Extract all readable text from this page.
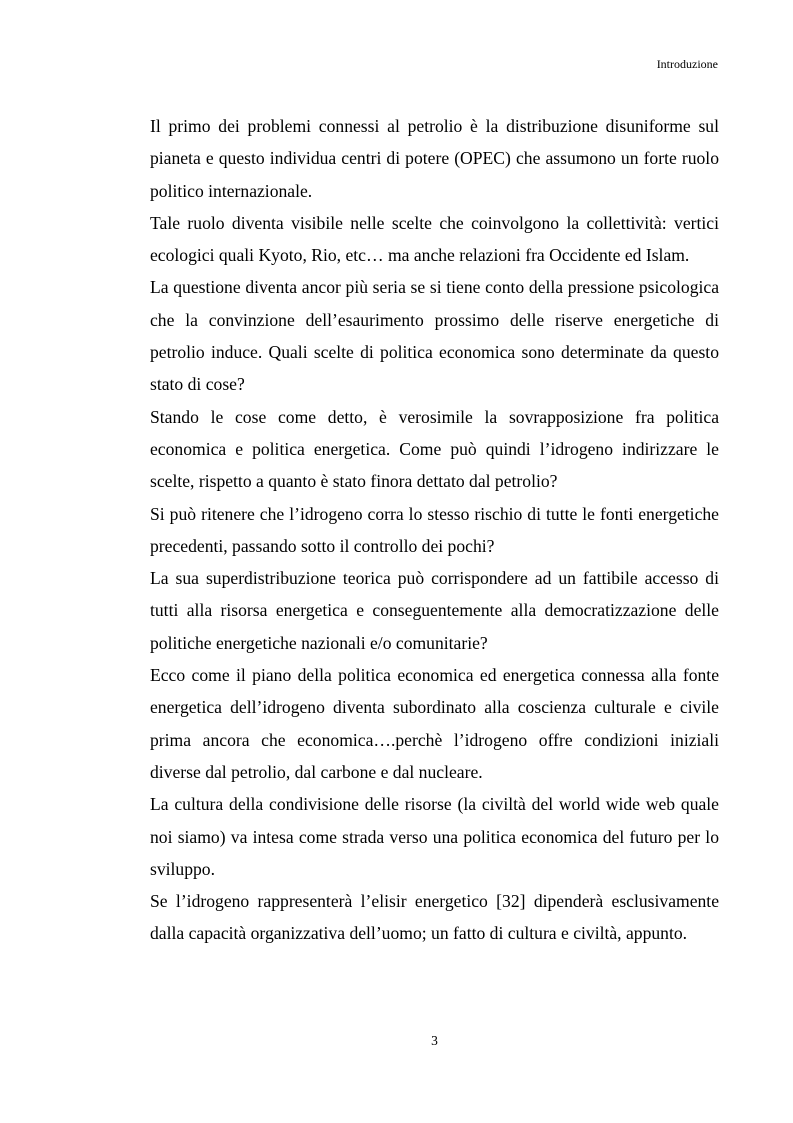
Introduzione

Il primo dei problemi connessi al petrolio è la distribuzione disuniforme sul pianeta e questo individua centri di potere (OPEC) che assumono un forte ruolo politico internazionale.

Tale ruolo diventa visibile nelle scelte che coinvolgono la collettività: vertici ecologici quali Kyoto, Rio, etc… ma anche relazioni fra Occidente ed Islam.

La questione diventa ancor più seria se si tiene conto della pressione psicologica che la convinzione dell’esaurimento prossimo delle riserve energetiche di petrolio induce. Quali scelte di politica economica sono determinate da questo stato di cose?

Stando le cose come detto, è verosimile la sovrapposizione fra politica economica e politica energetica. Come può quindi l’idrogeno indirizzare le scelte, rispetto a quanto è stato finora dettato dal petrolio?

Si può ritenere che l’idrogeno corra lo stesso rischio di tutte le fonti energetiche precedenti, passando sotto il controllo dei pochi?

La sua superdistribuzione teorica può corrispondere ad un fattibile accesso di tutti alla risorsa energetica e conseguentemente alla democratizzazione delle politiche energetiche nazionali e/o comunitarie?

Ecco come il piano della politica economica ed energetica connessa alla fonte energetica dell’idrogeno diventa subordinato alla coscienza culturale e civile prima ancora che economica….perchè l’idrogeno offre condizioni iniziali diverse dal petrolio, dal carbone e dal nucleare.

La cultura della condivisione delle risorse (la civiltà del world wide web quale noi siamo) va intesa come strada verso una politica economica del futuro per lo sviluppo.

Se l’idrogeno rappresenterà l’elisir energetico [32] dipenderà esclusivamente dalla capacità organizzativa dell’uomo; un fatto di cultura e civiltà, appunto.

3
